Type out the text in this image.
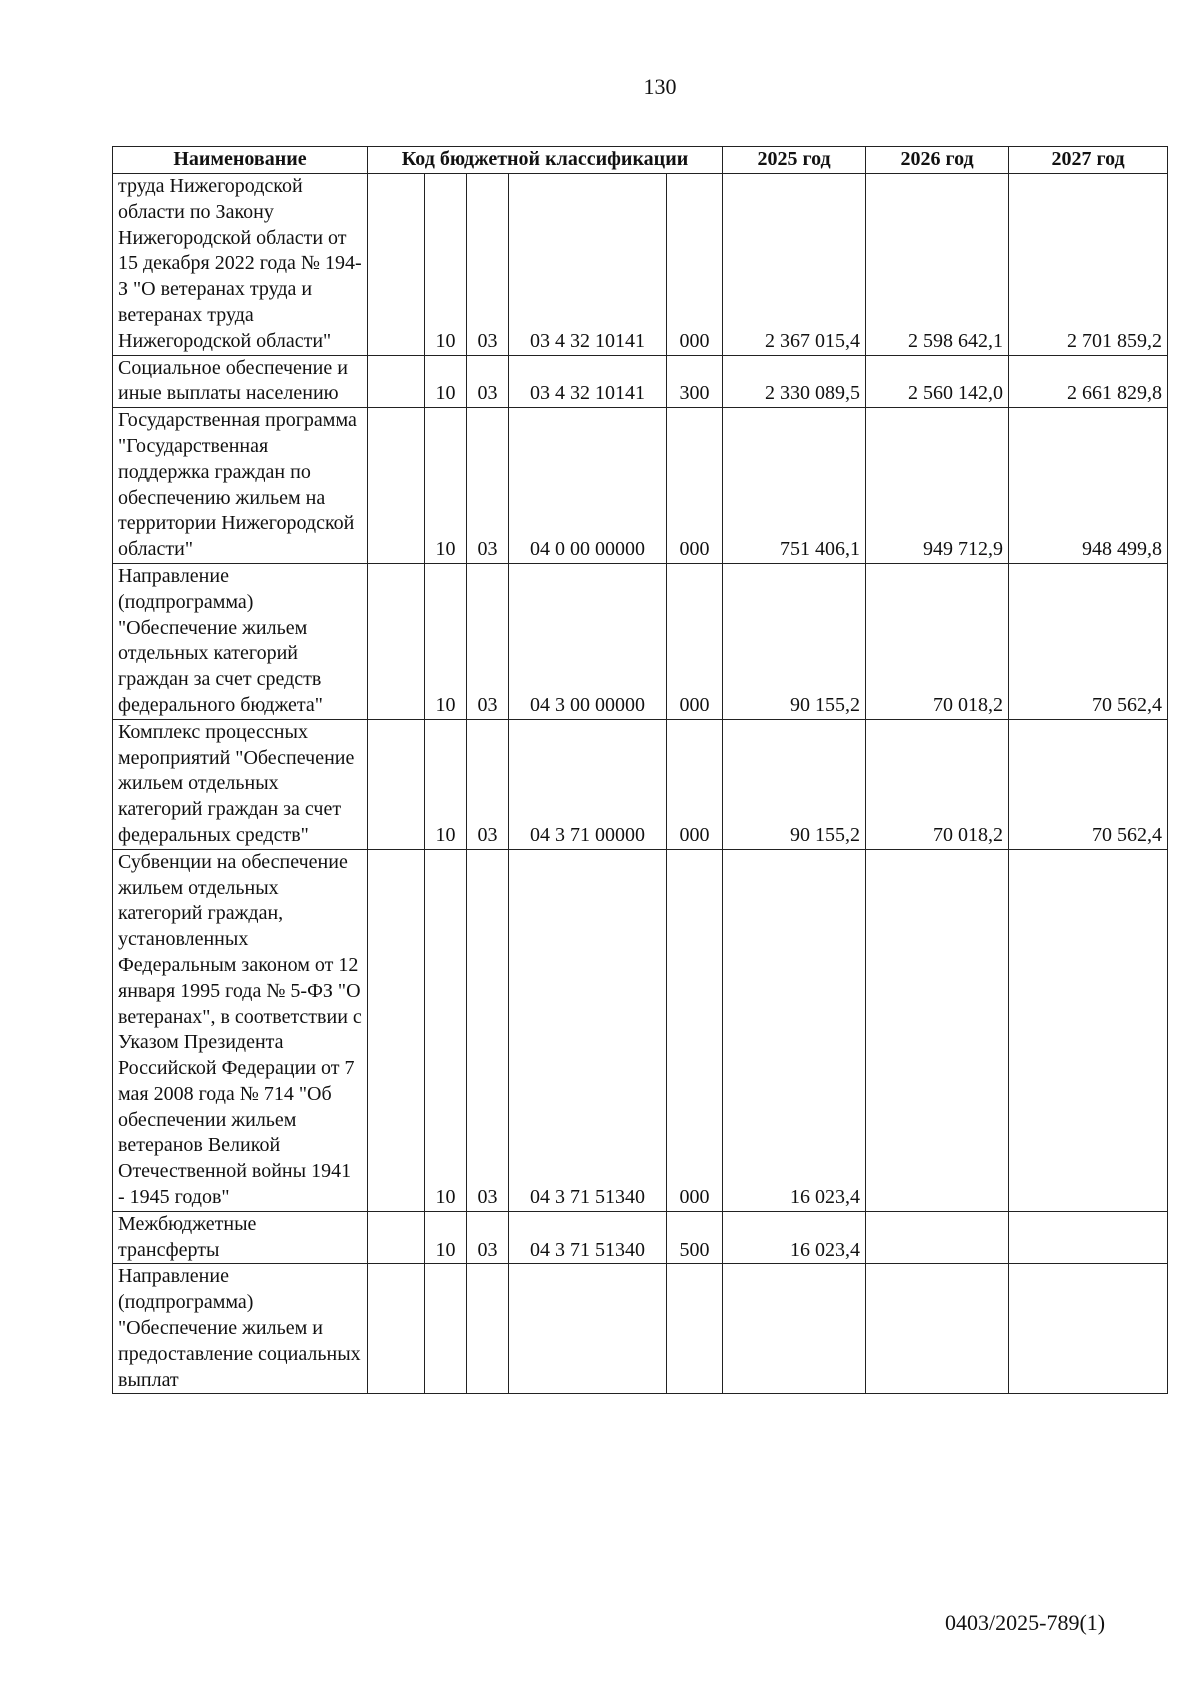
130
Наименование	Код бюджетной классификации					2025 год	2026 год	2027 год
труда Нижегородской области по Закону Нижегородской области от 15 декабря 2022 года № 194-З "О ветеранах труда и ветеранах труда Нижегородской области"		10	03	03 4 32 10141	000	2 367 015,4	2 598 642,1	2 701 859,2
Социальное обеспечение и иные выплаты населению		10	03	03 4 32 10141	300	2 330 089,5	2 560 142,0	2 661 829,8
Государственная программа "Государственная поддержка граждан по обеспечению жильем на территории Нижегородской области"		10	03	04 0 00 00000	000	751 406,1	949 712,9	948 499,8
Направление (подпрограмма) "Обеспечение жильем отдельных категорий граждан за счет средств федерального бюджета"		10	03	04 3 00 00000	000	90 155,2	70 018,2	70 562,4
Комплекс процессных мероприятий "Обеспечение жильем отдельных категорий граждан за счет федеральных средств"		10	03	04 3 71 00000	000	90 155,2	70 018,2	70 562,4
Субвенции на обеспечение жильем отдельных категорий граждан, установленных Федеральным законом от 12 января 1995 года № 5-ФЗ "О ветеранах", в соответствии с Указом Президента Российской Федерации от 7 мая 2008 года № 714 "Об обеспечении жильем ветеранов Великой Отечественной войны 1941 - 1945 годов"		10	03	04 3 71 51340	000	16 023,4		
Межбюджетные трансферты		10	03	04 3 71 51340	500	16 023,4		
Направление (подпрограмма) "Обеспечение жильем и предоставление социальных выплат								
0403/2025-789(1)
